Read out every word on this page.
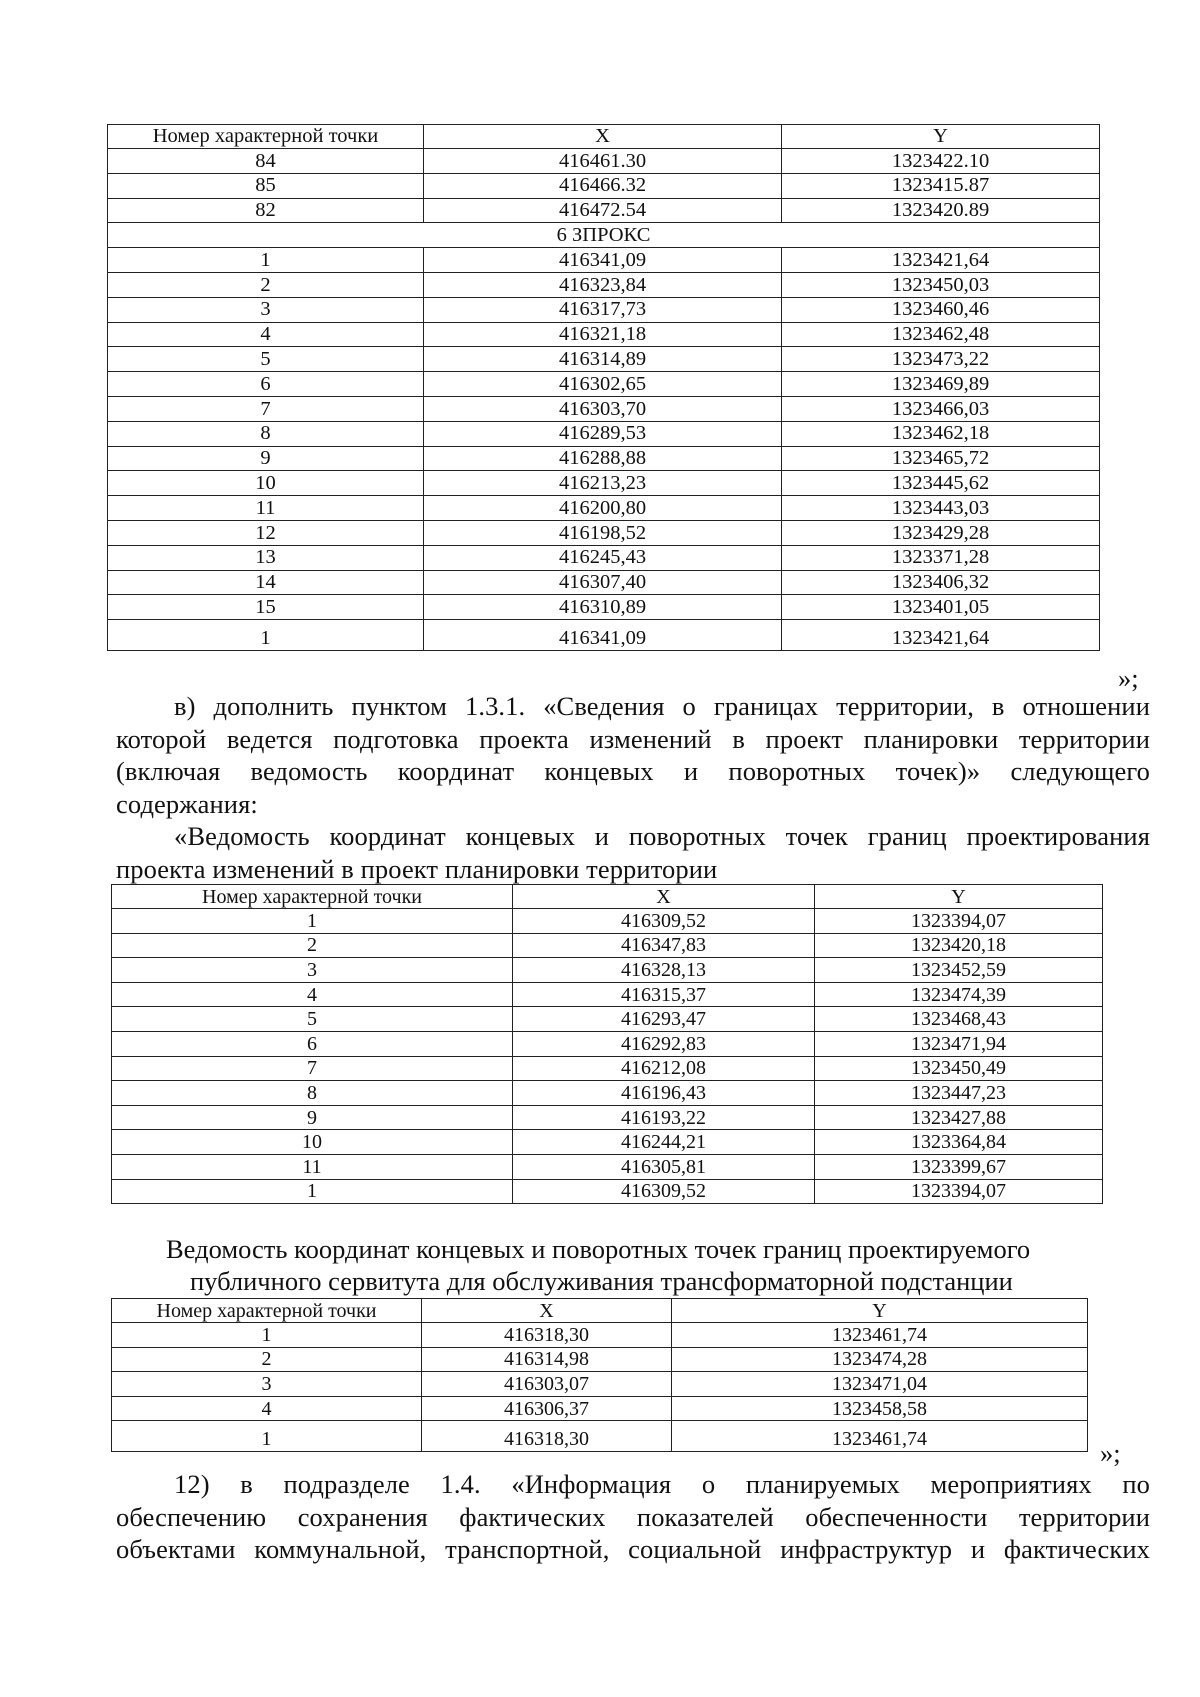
Номер характерной точки	X	Y
84	416461.30	1323422.10
85	416466.32	1323415.87
82	416472.54	1323420.89
6 ЗПРОКС		
1	416341,09	1323421,64
2	416323,84	1323450,03
3	416317,73	1323460,46
4	416321,18	1323462,48
5	416314,89	1323473,22
6	416302,65	1323469,89
7	416303,70	1323466,03
8	416289,53	1323462,18
9	416288,88	1323465,72
10	416213,23	1323445,62
11	416200,80	1323443,03
12	416198,52	1323429,28
13	416245,43	1323371,28
14	416307,40	1323406,32
15	416310,89	1323401,05
1	416341,09	1323421,64
»;
в) дополнить пунктом 1.3.1. «Сведения о границах территории, в отношении
которой ведется подготовка проекта изменений в проект планировки территории
(включая ведомость координат концевых и поворотных точек)» следующего
содержания:
«Ведомость координат концевых и поворотных точек границ проектирования
проекта изменений в проект планировки территории
Номер характерной точки	X	Y
1	416309,52	1323394,07
2	416347,83	1323420,18
3	416328,13	1323452,59
4	416315,37	1323474,39
5	416293,47	1323468,43
6	416292,83	1323471,94
7	416212,08	1323450,49
8	416196,43	1323447,23
9	416193,22	1323427,88
10	416244,21	1323364,84
11	416305,81	1323399,67
1	416309,52	1323394,07
Ведомость координат концевых и поворотных точек границ проектируемого
публичного сервитута для обслуживания трансформаторной подстанции
Номер характерной точки	X	Y
1	416318,30	1323461,74
2	416314,98	1323474,28
3	416303,07	1323471,04
4	416306,37	1323458,58
1	416318,30	1323461,74	»;
12) в подразделе 1.4. «Информация о планируемых мероприятиях по
обеспечению сохранения фактических показателей обеспеченности территории
объектами коммунальной, транспортной, социальной инфраструктур и фактических
